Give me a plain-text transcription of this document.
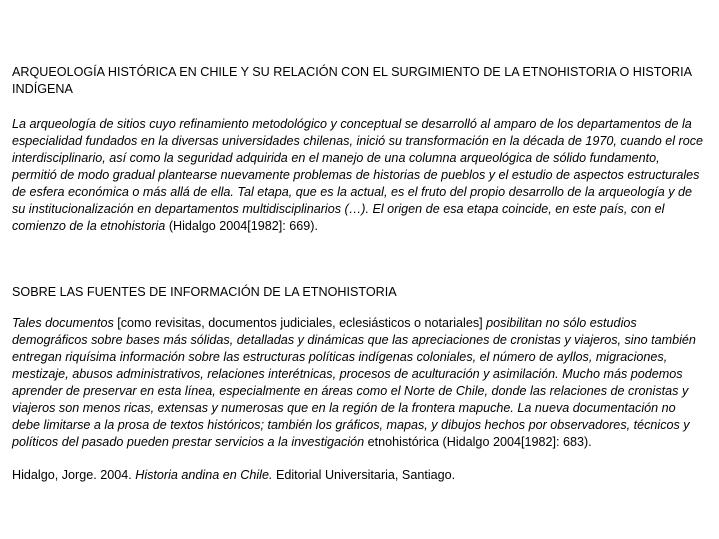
ARQUEOLOGÍA HISTÓRICA EN CHILE Y SU RELACIÓN CON EL SURGIMIENTO DE LA ETNOHISTORIA O HISTORIA INDÍGENA

La arqueología de sitios cuyo refinamiento metodológico y conceptual se desarrolló al amparo de los departamentos de la especialidad fundados en la diversas universidades chilenas, inició su transformación en la década de 1970, cuando el roce interdisciplinario, así como la seguridad adquirida en el manejo de una columna arqueológica de sólido fundamento, permitió de modo gradual plantearse nuevamente problemas de historias de pueblos y el estudio de aspectos estructurales de esfera económica o más allá de ella. Tal etapa, que es la actual, es el fruto del propio desarrollo de la arqueología y de su institucionalización en departamentos multidisciplinarios (…). El origen de esa etapa coincide, en este país, con el comienzo de la etnohistoria (Hidalgo 2004[1982]: 669).

SOBRE LAS FUENTES DE INFORMACIÓN DE LA ETNOHISTORIA

Tales documentos [como revisitas, documentos judiciales, eclesiásticos o notariales] posibilitan no sólo estudios demográficos sobre bases más sólidas, detalladas y dinámicas que las apreciaciones de cronistas y viajeros, sino también entregan riquísima información sobre las estructuras políticas indígenas coloniales, el número de ayllos, migraciones, mestizaje, abusos administrativos, relaciones interétnicas, procesos de aculturación y asimilación. Mucho más podemos aprender de preservar en esta línea, especialmente en áreas como el Norte de Chile, donde las relaciones de cronistas y viajeros son menos ricas, extensas y numerosas que en la región de la frontera mapuche. La nueva documentación no debe limitarse a la prosa de textos históricos; también los gráficos, mapas, y dibujos hechos por observadores, técnicos y políticos del pasado pueden prestar servicios a la investigación etnohistórica (Hidalgo 2004[1982]: 683).

Hidalgo, Jorge. 2004. Historia andina en Chile. Editorial Universitaria, Santiago.
